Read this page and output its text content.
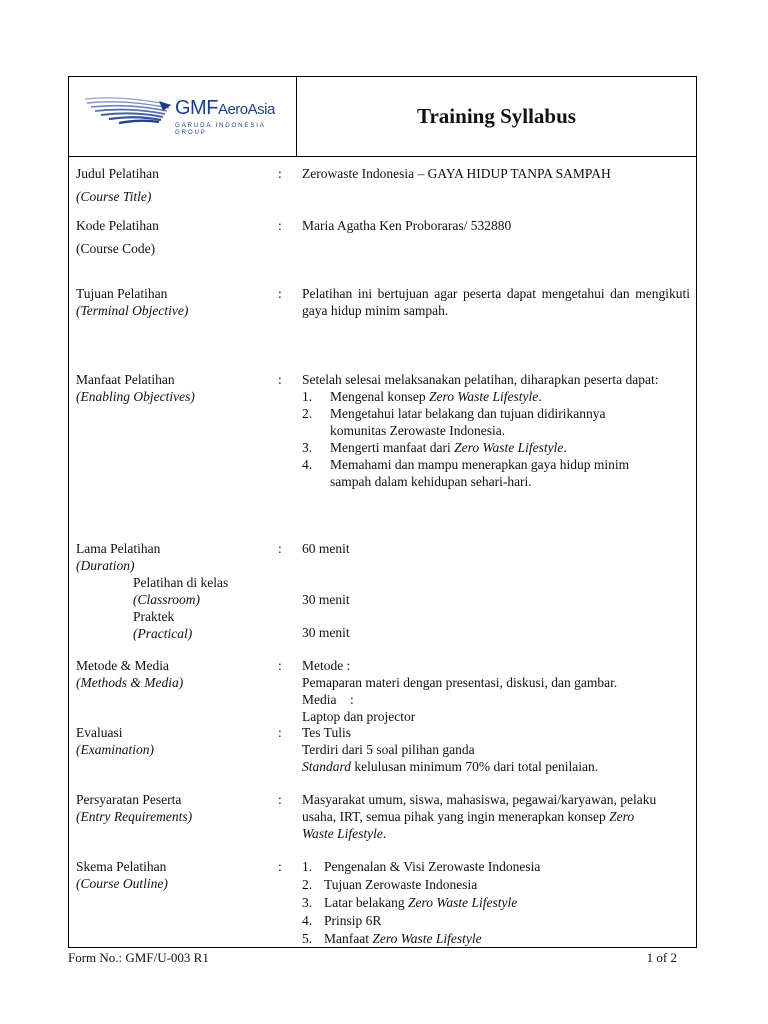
GMFAeroAsia
GARUDA INDONESIA GROUP
Training Syllabus
Judul Pelatihan
(Course Title)
: Zerowaste Indonesia – GAYA HIDUP TANPA SAMPAH
Kode Pelatihan
(Course Code)
: Maria Agatha Ken Proboraras/ 532880
Tujuan Pelatihan
(Terminal Objective)
: Pelatihan ini bertujuan agar peserta dapat mengetahui dan mengikuti gaya hidup minim sampah.
Manfaat Pelatihan
(Enabling Objectives)
: Setelah selesai melaksanakan pelatihan, diharapkan peserta dapat:
1. Mengenal konsep Zero Waste Lifestyle.
2. Mengetahui latar belakang dan tujuan didirikannya komunitas Zerowaste Indonesia.
3. Mengerti manfaat dari Zero Waste Lifestyle.
4. Memahami dan mampu menerapkan gaya hidup minim sampah dalam kehidupan sehari-hari.
Lama Pelatihan
(Duration)
Pelatihan di kelas
(Classroom)
Praktek
(Practical)
: 60 menit
30 menit
30 menit
Metode & Media
(Methods & Media)
: Metode :
Pemaparan materi dengan presentasi, diskusi, dan gambar.
Media    :
Laptop dan projector
Evaluasi
(Examination)
: Tes Tulis
Terdiri dari 5 soal pilihan ganda
Standard kelulusan minimum 70% dari total penilaian.
Persyaratan Peserta
(Entry Requirements)
: Masyarakat umum, siswa, mahasiswa, pegawai/karyawan, pelaku usaha, IRT, semua pihak yang ingin menerapkan konsep Zero Waste Lifestyle.
Skema Pelatihan
(Course Outline)
: 1. Pengenalan & Visi Zerowaste Indonesia
2. Tujuan Zerowaste Indonesia
3. Latar belakang Zero Waste Lifestyle
4. Prinsip 6R
5. Manfaat Zero Waste Lifestyle
Form No.: GMF/U-003 R1	1 of 2
